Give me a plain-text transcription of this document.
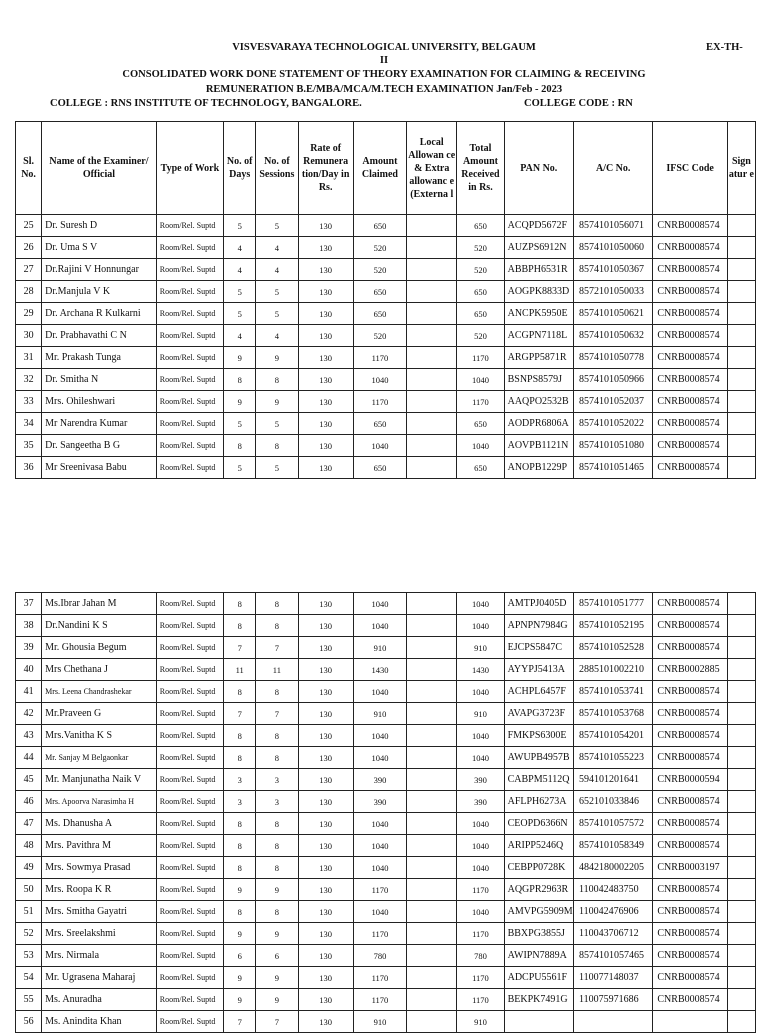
VISVESVARAYA TECHNOLOGICAL UNIVERSITY, BELGAUM	EX-TH-
II
CONSOLIDATED WORK DONE STATEMENT OF THEORY EXAMINATION FOR CLAIMING & RECEIVING
REMUNERATION B.E/MBA/MCA/M.TECH EXAMINATION Jan/Feb - 2023
COLLEGE : RNS INSTITUTE OF TECHNOLOGY, BANGALORE.	COLLEGE CODE : RN
Sl. No.	Name of the Examiner/ Official	Type of Work	No. of Days	No. of Sessions	Rate of Remunera tion/Day in Rs.	Amount Claimed	Local Allowan ce & Extra allowanc e (Externa l	Total Amount Received in Rs.	PAN No.	A/C No.	IFSC Code	Sign atur e
25	Dr. Suresh D	Room/Rel. Suptd	5	5	130	650		650	ACQPD5672F	8574101056071	CNRB0008574	
26	Dr. Uma S V	Room/Rel. Suptd	4	4	130	520		520	AUZPS6912N	8574101050060	CNRB0008574	
27	Dr.Rajini V Honnungar	Room/Rel. Suptd	4	4	130	520		520	ABBPH6531R	8574101050367	CNRB0008574	
28	Dr.Manjula V K	Room/Rel. Suptd	5	5	130	650		650	AOGPK8833D	8572101050033	CNRB0008574	
29	Dr. Archana R Kulkarni	Room/Rel. Suptd	5	5	130	650		650	ANCPK5950E	8574101050621	CNRB0008574	
30	Dr. Prabhavathi C N	Room/Rel. Suptd	4	4	130	520		520	ACGPN7118L	8574101050632	CNRB0008574	
31	Mr. Prakash Tunga	Room/Rel. Suptd	9	9	130	1170		1170	ARGPP5871R	8574101050778	CNRB0008574	
32	Dr. Smitha N	Room/Rel. Suptd	8	8	130	1040		1040	BSNPS8579J	8574101050966	CNRB0008574	
33	Mrs. Ohileshwari	Room/Rel. Suptd	9	9	130	1170		1170	AAQPO2532B	8574101052037	CNRB0008574	
34	Mr Narendra Kumar	Room/Rel. Suptd	5	5	130	650		650	AODPR6806A	8574101052022	CNRB0008574	
35	Dr. Sangeetha B G	Room/Rel. Suptd	8	8	130	1040		1040	AOVPB1121N	8574101051080	CNRB0008574	
36	Mr Sreenivasa Babu	Room/Rel. Suptd	5	5	130	650		650	ANOPB1229P	8574101051465	CNRB0008574	
37	Ms.Ibrar Jahan M	Room/Rel. Suptd	8	8	130	1040		1040	AMTPJ0405D	8574101051777	CNRB0008574	
38	Dr.Nandini K S	Room/Rel. Suptd	8	8	130	1040		1040	APNPN7984G	8574101052195	CNRB0008574	
39	Mr. Ghousia Begum	Room/Rel. Suptd	7	7	130	910		910	EJCPS5847C	8574101052528	CNRB0008574	
40	Mrs Chethana J	Room/Rel. Suptd	11	11	130	1430		1430	AYYPJ5413A	2885101002210	CNRB0002885	
41	Mrs. Leena Chandrashekar	Room/Rel. Suptd	8	8	130	1040		1040	ACHPL6457F	8574101053741	CNRB0008574	
42	Mr.Praveen G	Room/Rel. Suptd	7	7	130	910		910	AVAPG3723F	8574101053768	CNRB0008574	
43	Mrs.Vanitha K S	Room/Rel. Suptd	8	8	130	1040		1040	FMKPS6300E	8574101054201	CNRB0008574	
44	Mr. Sanjay M Belgaonkar	Room/Rel. Suptd	8	8	130	1040		1040	AWUPB4957B	8574101055223	CNRB0008574	
45	Mr. Manjunatha Naik V	Room/Rel. Suptd	3	3	130	390		390	CABPM5112Q	594101201641	CNRB0000594	
46	Mrs. Apoorva Narasimha H	Room/Rel. Suptd	3	3	130	390		390	AFLPH6273A	652101033846	CNRB0008574	
47	Ms. Dhanusha A	Room/Rel. Suptd	8	8	130	1040		1040	CEOPD6366N	8574101057572	CNRB0008574	
48	Mrs. Pavithra M	Room/Rel. Suptd	8	8	130	1040		1040	ARIPP5246Q	8574101058349	CNRB0008574	
49	Mrs. Sowmya Prasad	Room/Rel. Suptd	8	8	130	1040		1040	CEBPP0728K	4842180002205	CNRB0003197	
50	Mrs. Roopa K R	Room/Rel. Suptd	9	9	130	1170		1170	AQGPR2963R	110042483750	CNRB0008574	
51	Mrs. Smitha Gayatri	Room/Rel. Suptd	8	8	130	1040		1040	AMVPG5909M	110042476906	CNRB0008574	
52	Mrs. Sreelakshmi	Room/Rel. Suptd	9	9	130	1170		1170	BBXPG3855J	110043706712	CNRB0008574	
53	Mrs. Nirmala	Room/Rel. Suptd	6	6	130	780		780	AWIPN7889A	8574101057465	CNRB0008574	
54	Mr. Ugrasena Maharaj	Room/Rel. Suptd	9	9	130	1170		1170	ADCPU5561F	110077148037	CNRB0008574	
55	Ms. Anuradha	Room/Rel. Suptd	9	9	130	1170		1170	BEKPK7491G	110075971686	CNRB0008574	
56	Ms. Anindita Khan	Room/Rel. Suptd	7	7	130	910		910				
